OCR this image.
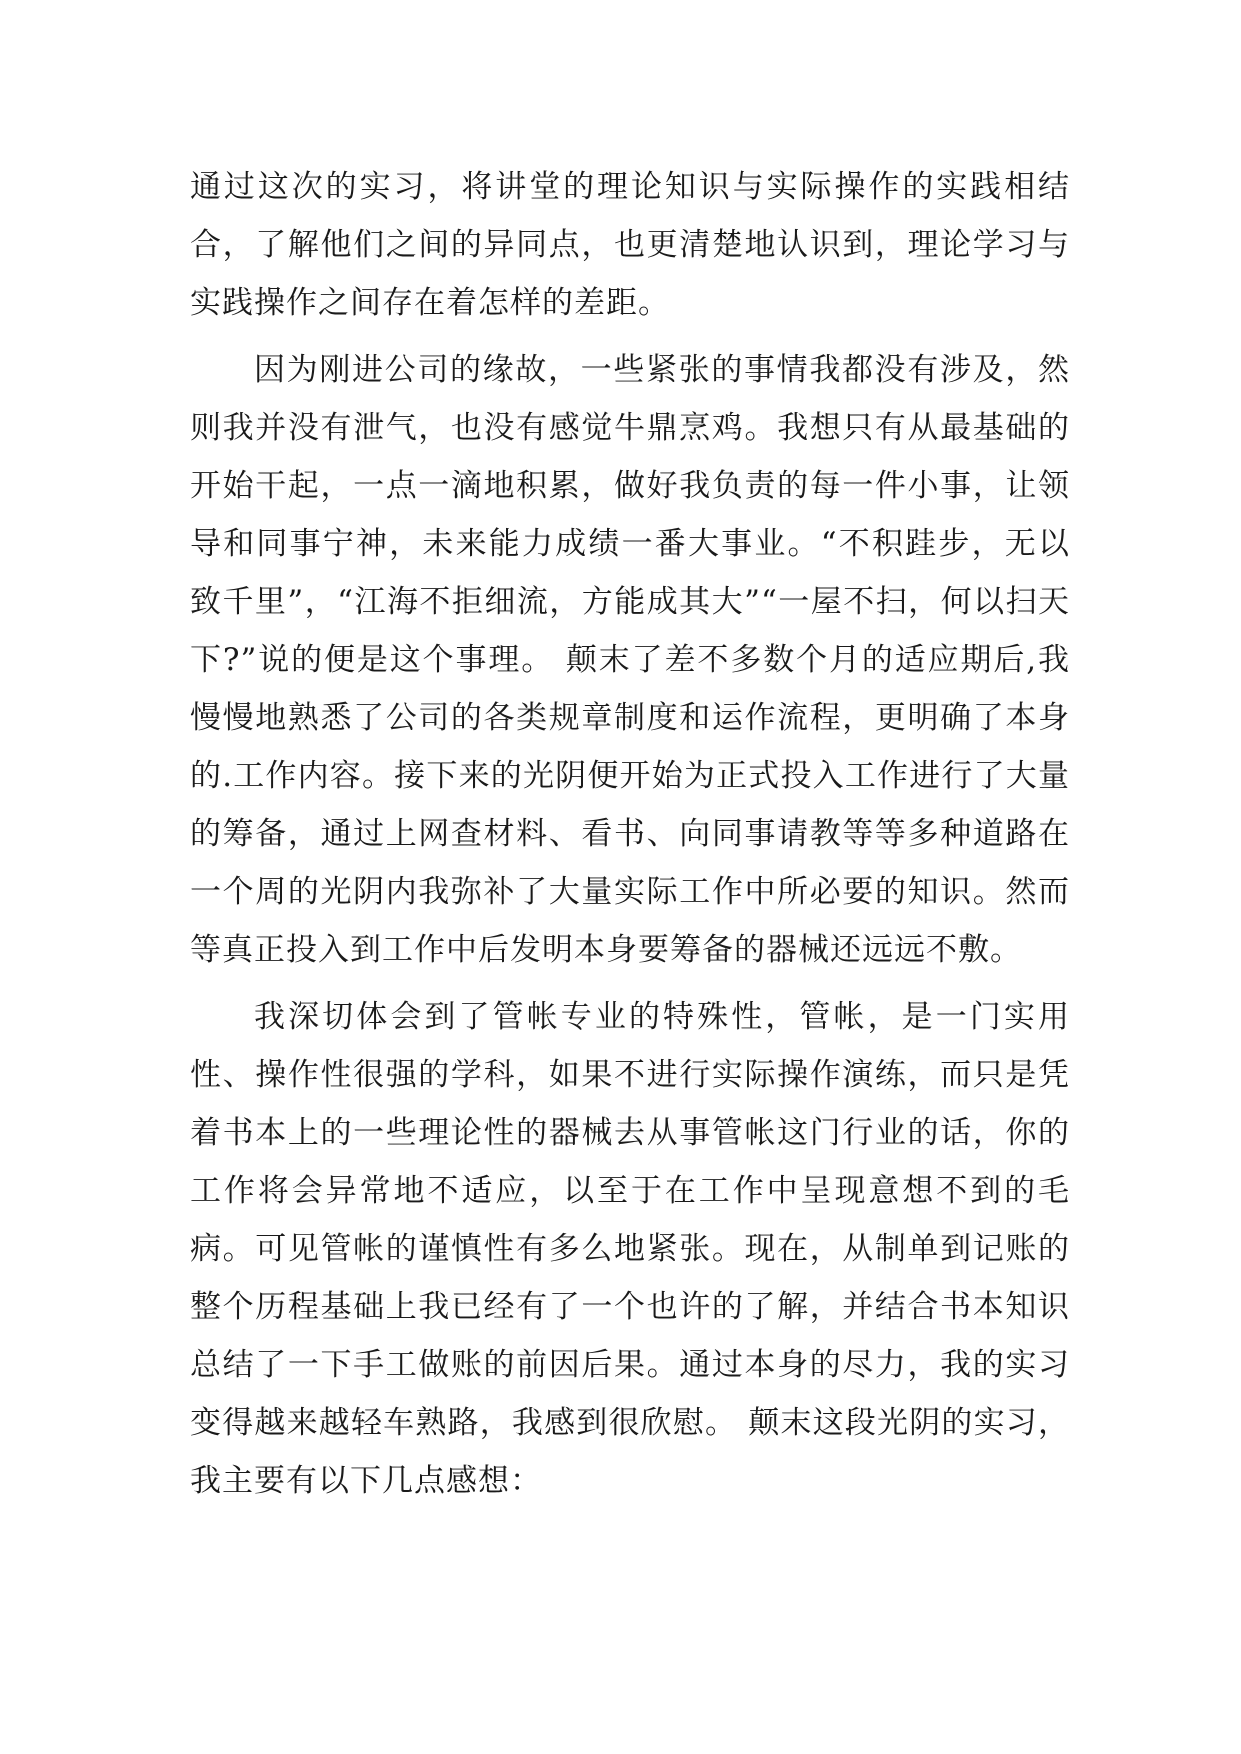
通过这次的实习，将讲堂的理论知识与实际操作的实践相结合，了解他们之间的异同点，也更清楚地认识到，理论学习与实践操作之间存在着怎样的差距。

因为刚进公司的缘故，一些紧张的事情我都没有涉及，然则我并没有泄气，也没有感觉牛鼎烹鸡。我想只有从最基础的开始干起，一点一滴地积累，做好我负责的每一件小事，让领导和同事宁神，未来能力成绩一番大事业。“不积跬步，无以致千里”，“江海不拒细流，方能成其大”“一屋不扫，何以扫天下?”说的便是这个事理。 颠末了差不多数个月的适应期后,我慢慢地熟悉了公司的各类规章制度和运作流程，更明确了本身的.工作内容。接下来的光阴便开始为正式投入工作进行了大量的筹备，通过上网查材料、看书、向同事请教等等多种道路在一个周的光阴内我弥补了大量实际工作中所必要的知识。然而等真正投入到工作中后发明本身要筹备的器械还远远不敷。

我深切体会到了管帐专业的特殊性，管帐，是一门实用性、操作性很强的学科，如果不进行实际操作演练，而只是凭着书本上的一些理论性的器械去从事管帐这门行业的话，你的工作将会异常地不适应，以至于在工作中呈现意想不到的毛病。可见管帐的谨慎性有多么地紧张。现在，从制单到记账的整个历程基础上我已经有了一个也许的了解，并结合书本知识总结了一下手工做账的前因后果。通过本身的尽力，我的实习变得越来越轻车熟路，我感到很欣慰。 颠末这段光阴的实习，我主要有以下几点感想：
